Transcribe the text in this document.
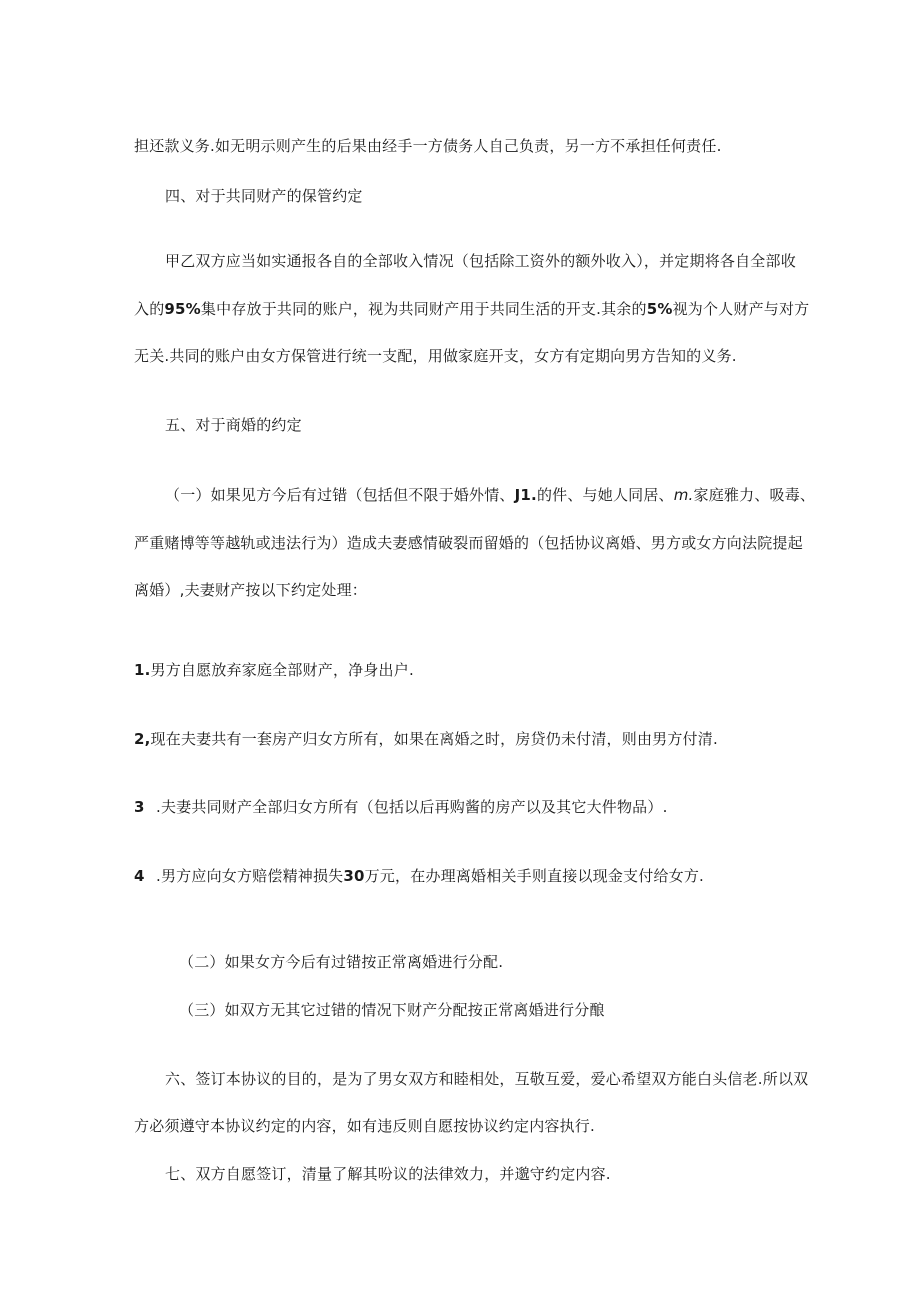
担还款义务.如无明示则产生的后果由经手一方债务人自己负责，另一方不承担任何责任.
四、对于共同财产的保管约定
甲乙双方应当如实通报各自的全部收入情况（包括除工资外的额外收入），并定期将各自全部收
入的95%集中存放于共同的账户，视为共同财产用于共同生活的开支.其余的5%视为个人财产与对方
无关.共同的账户由女方保管进行统一支配，用做家庭开支，女方有定期向男方告知的义务.
五、对于商婚的约定
（一）如果见方今后有过错（包括但不限于婚外情、J1.的件、与她人同居、m.家庭雅力、吸毒、
严重赌博等等越轨或违法行为）造成夫妻感情破裂而留婚的（包括协议离婚、男方或女方向法院提起
离婚）,夫妻财产按以下约定处理：
1.男方自愿放弃家庭全部财产，净身出户.
2,现在夫妻共有一套房产归女方所有，如果在离婚之时，房贷仍未付清，则由男方付清.
3 .夫妻共同财产全部归女方所有（包括以后再购酱的房产以及其它大件物品）.
4 .男方应向女方赔偿精神损失30万元，在办理离婚相关手则直接以现金支付给女方.
（二）如果女方今后有过错按正常离婚进行分配.
（三）如双方无其它过错的情况下财产分配按正常离婚进行分酿
六、签订本协议的目的，是为了男女双方和睦相处，互敬互爱，爱心希望双方能白头信老.所以双
方必须遵守本协议约定的内容，如有违反则自愿按协议约定内容执行.
七、双方自愿签订，清量了解其吩议的法律效力，并邈守约定内容.
